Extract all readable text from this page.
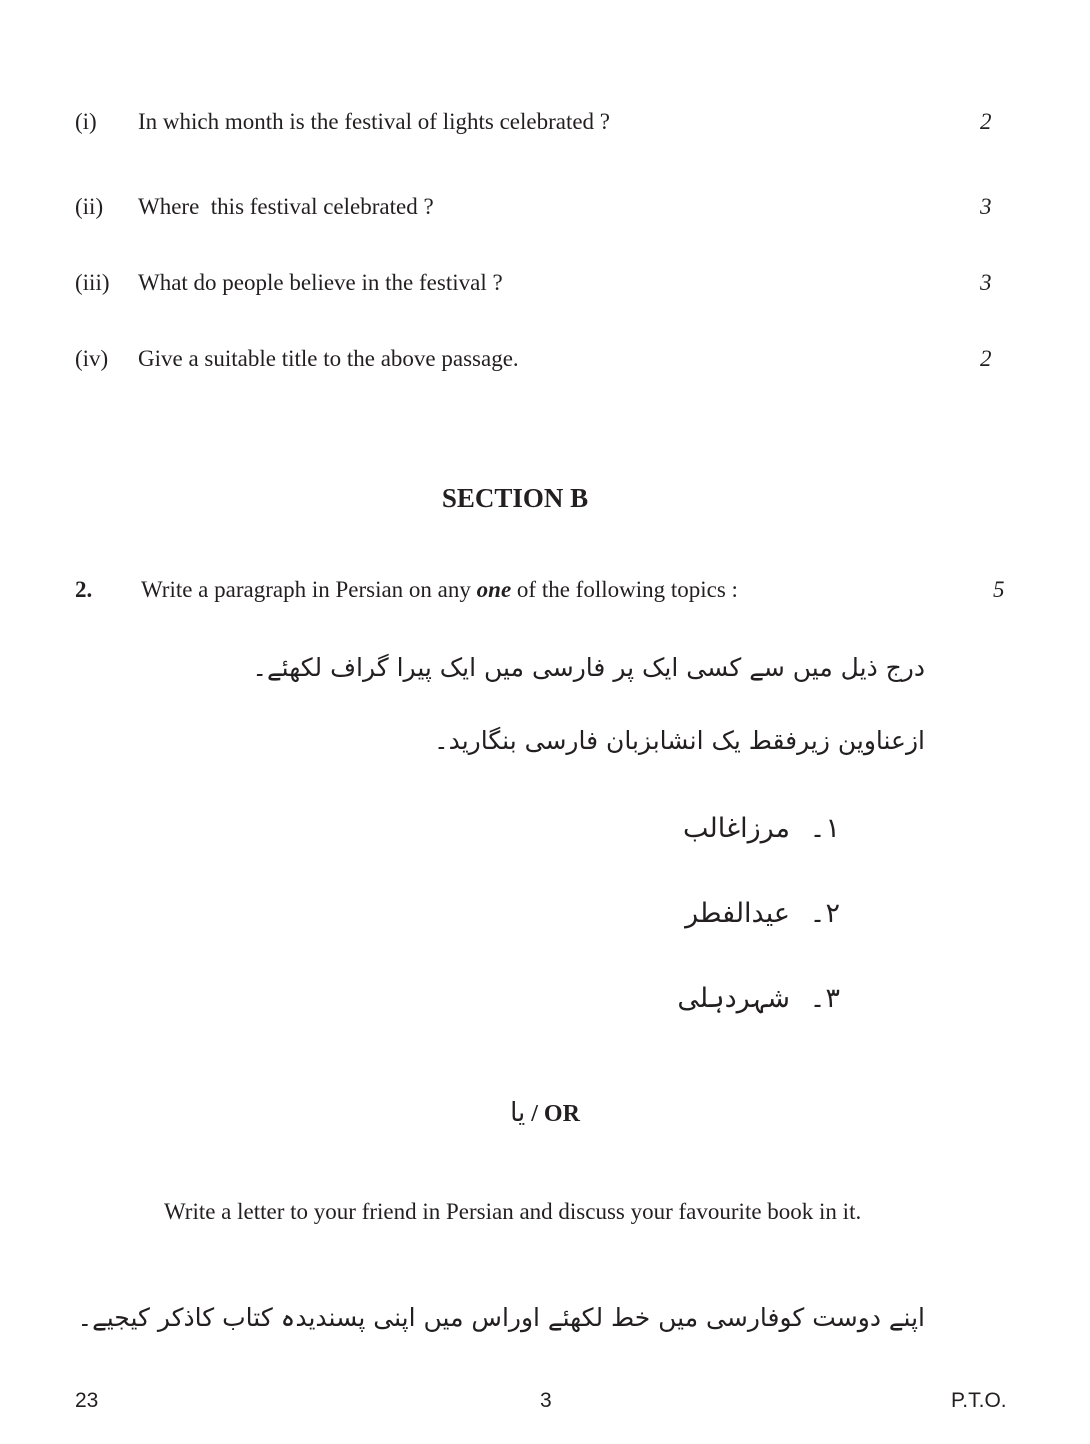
(i) In which month is the festival of lights celebrated ?	2
(ii) Where  this festival celebrated ?	3
(iii) What do people believe in the festival ?	3
(iv) Give a suitable title to the above passage.	2
SECTION B
2. Write a paragraph in Persian on any one of the following topics :	5
درج ذیل میں سے کسی ایک پر فارسی میں ایک پیرا گراف لکھئے۔
ازعناوین زیرفقط یک انشابزبان فارسی بنگارید۔
۱۔
مرزاغالب
۲۔
عیدالفطر
۳۔
شہردہلی
یا / OR
Write a letter to your friend in Persian and discuss your favourite book in it.
اپنے دوست کوفارسی میں خط لکھئے اوراس میں اپنی پسندیدہ کتاب کاذکر کیجیے۔
23	3	P.T.O.
